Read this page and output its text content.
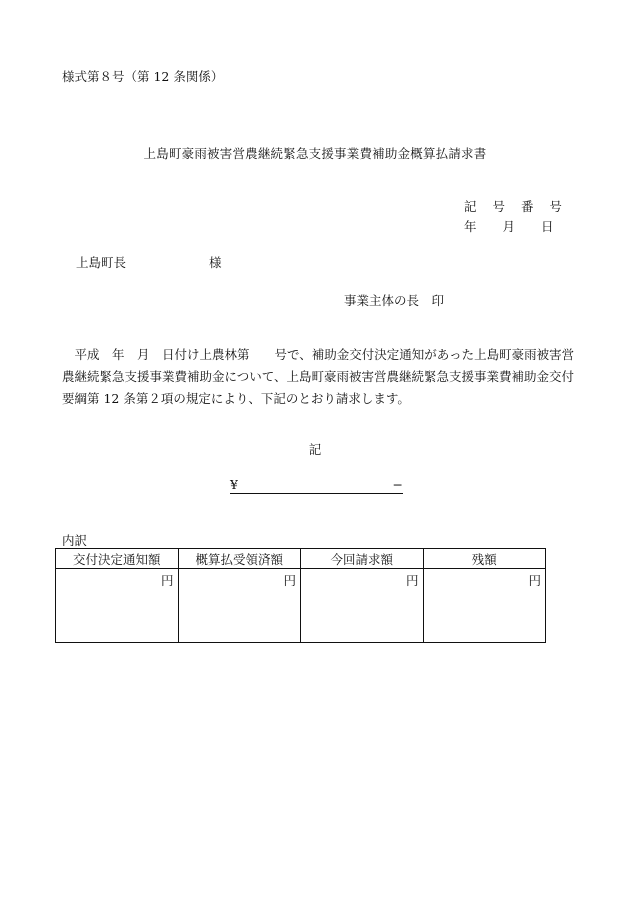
様式第８号（第 12 条関係）
上島町豪雨被害営農継続緊急支援事業費補助金概算払請求書
記 号 番 号
年 月 日
上島町長	様
事業主体の長　印
　平成　年　月　日付け上農林第　　号で、補助金交付決定通知があった上島町豪雨被害営農継続緊急支援事業費補助金について、上島町豪雨被害営農継続緊急支援事業費補助金交付要綱第 12 条第２項の規定により、下記のとおり請求します。
記
¥	−
内訳
交付決定通知額	概算払受領済額	今回請求額	残額
円	円	円	円
